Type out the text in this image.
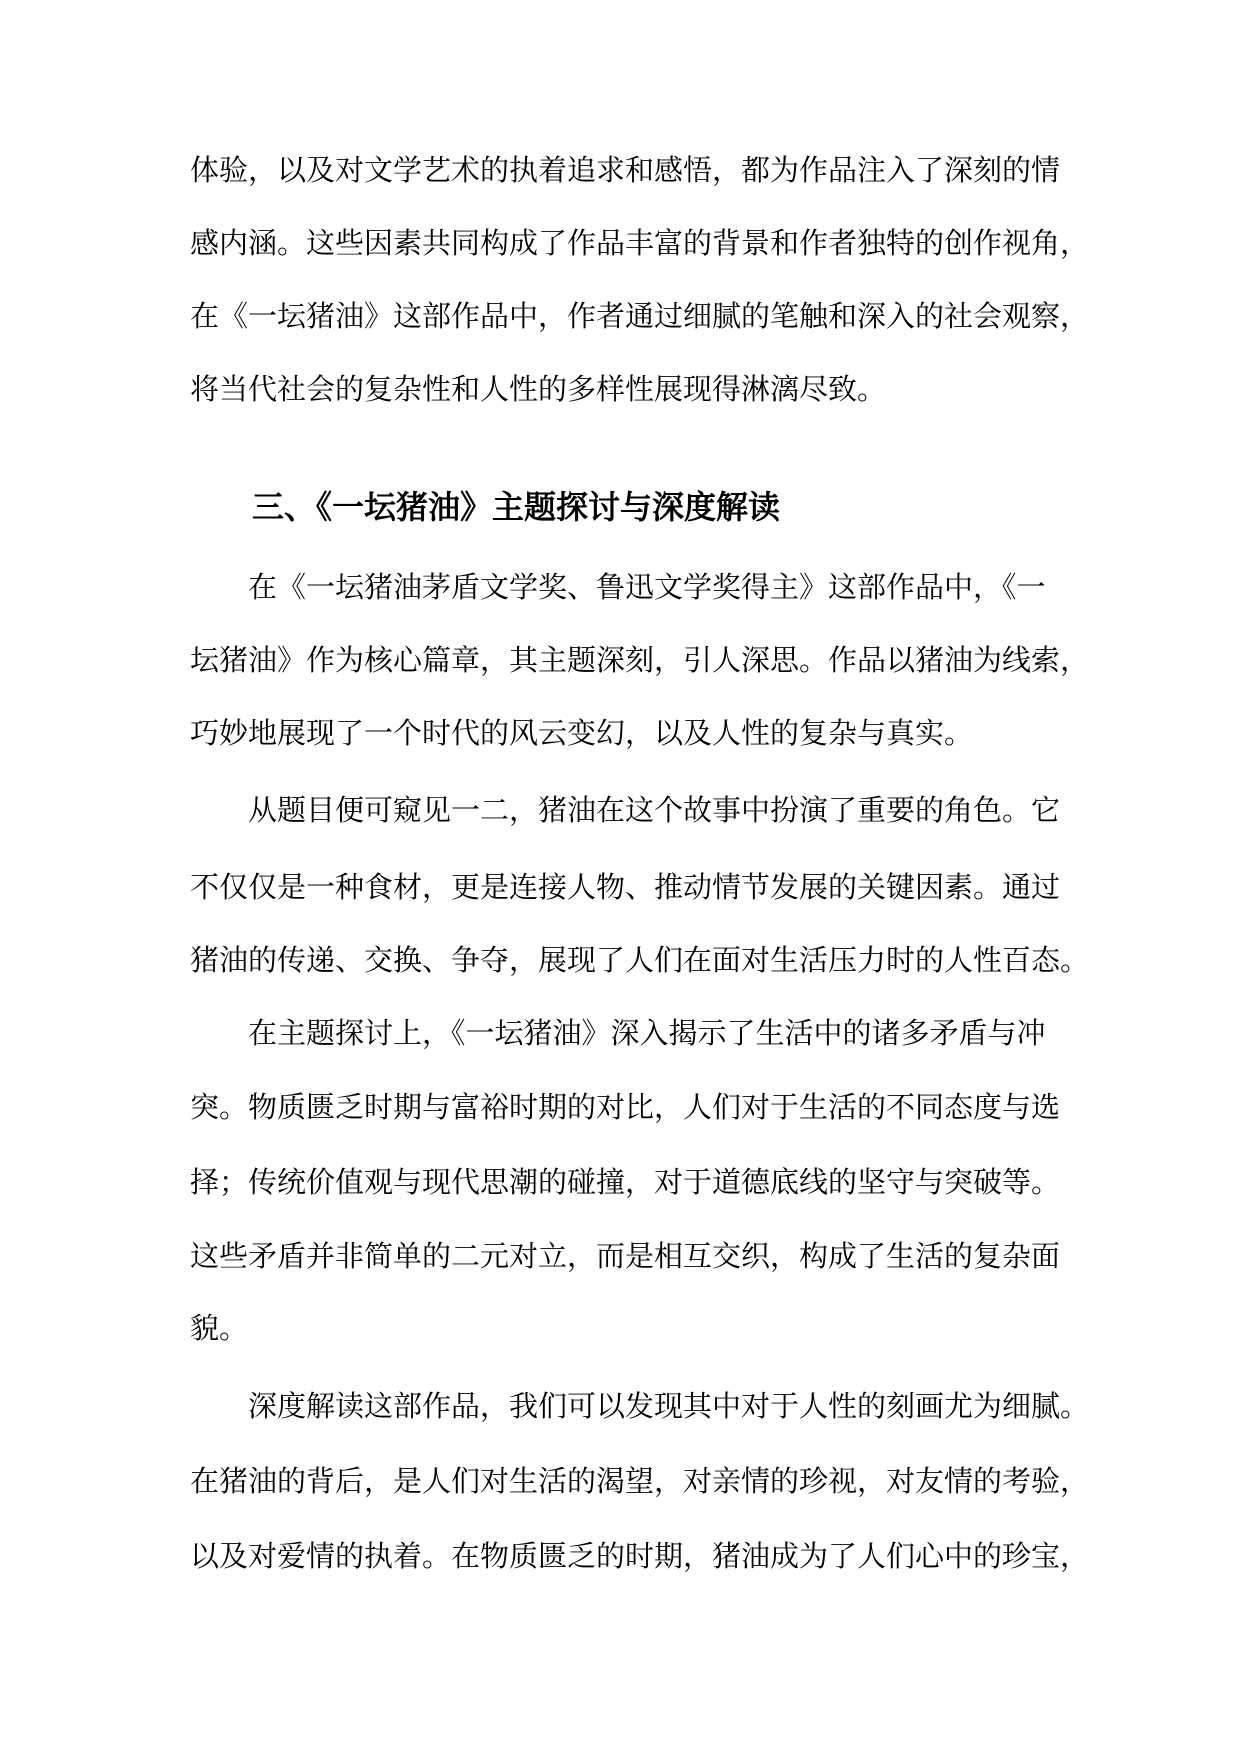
体验，以及对文学艺术的执着追求和感悟，都为作品注入了深刻的情
感内涵。这些因素共同构成了作品丰富的背景和作者独特的创作视角，
在《一坛猪油》这部作品中，作者通过细腻的笔触和深入的社会观察，
将当代社会的复杂性和人性的多样性展现得淋漓尽致。
三、《一坛猪油》主题探讨与深度解读
在《一坛猪油茅盾文学奖、鲁迅文学奖得主》这部作品中，《一
坛猪油》作为核心篇章，其主题深刻，引人深思。作品以猪油为线索，
巧妙地展现了一个时代的风云变幻，以及人性的复杂与真实。
从题目便可窥见一二，猪油在这个故事中扮演了重要的角色。它
不仅仅是一种食材，更是连接人物、推动情节发展的关键因素。通过
猪油的传递、交换、争夺，展现了人们在面对生活压力时的人性百态。
在主题探讨上，《一坛猪油》深入揭示了生活中的诸多矛盾与冲
突。物质匮乏时期与富裕时期的对比，人们对于生活的不同态度与选
择；传统价值观与现代思潮的碰撞，对于道德底线的坚守与突破等。
这些矛盾并非简单的二元对立，而是相互交织，构成了生活的复杂面
貌。
深度解读这部作品，我们可以发现其中对于人性的刻画尤为细腻。
在猪油的背后，是人们对生活的渴望，对亲情的珍视，对友情的考验，
以及对爱情的执着。在物质匮乏的时期，猪油成为了人们心中的珍宝，
